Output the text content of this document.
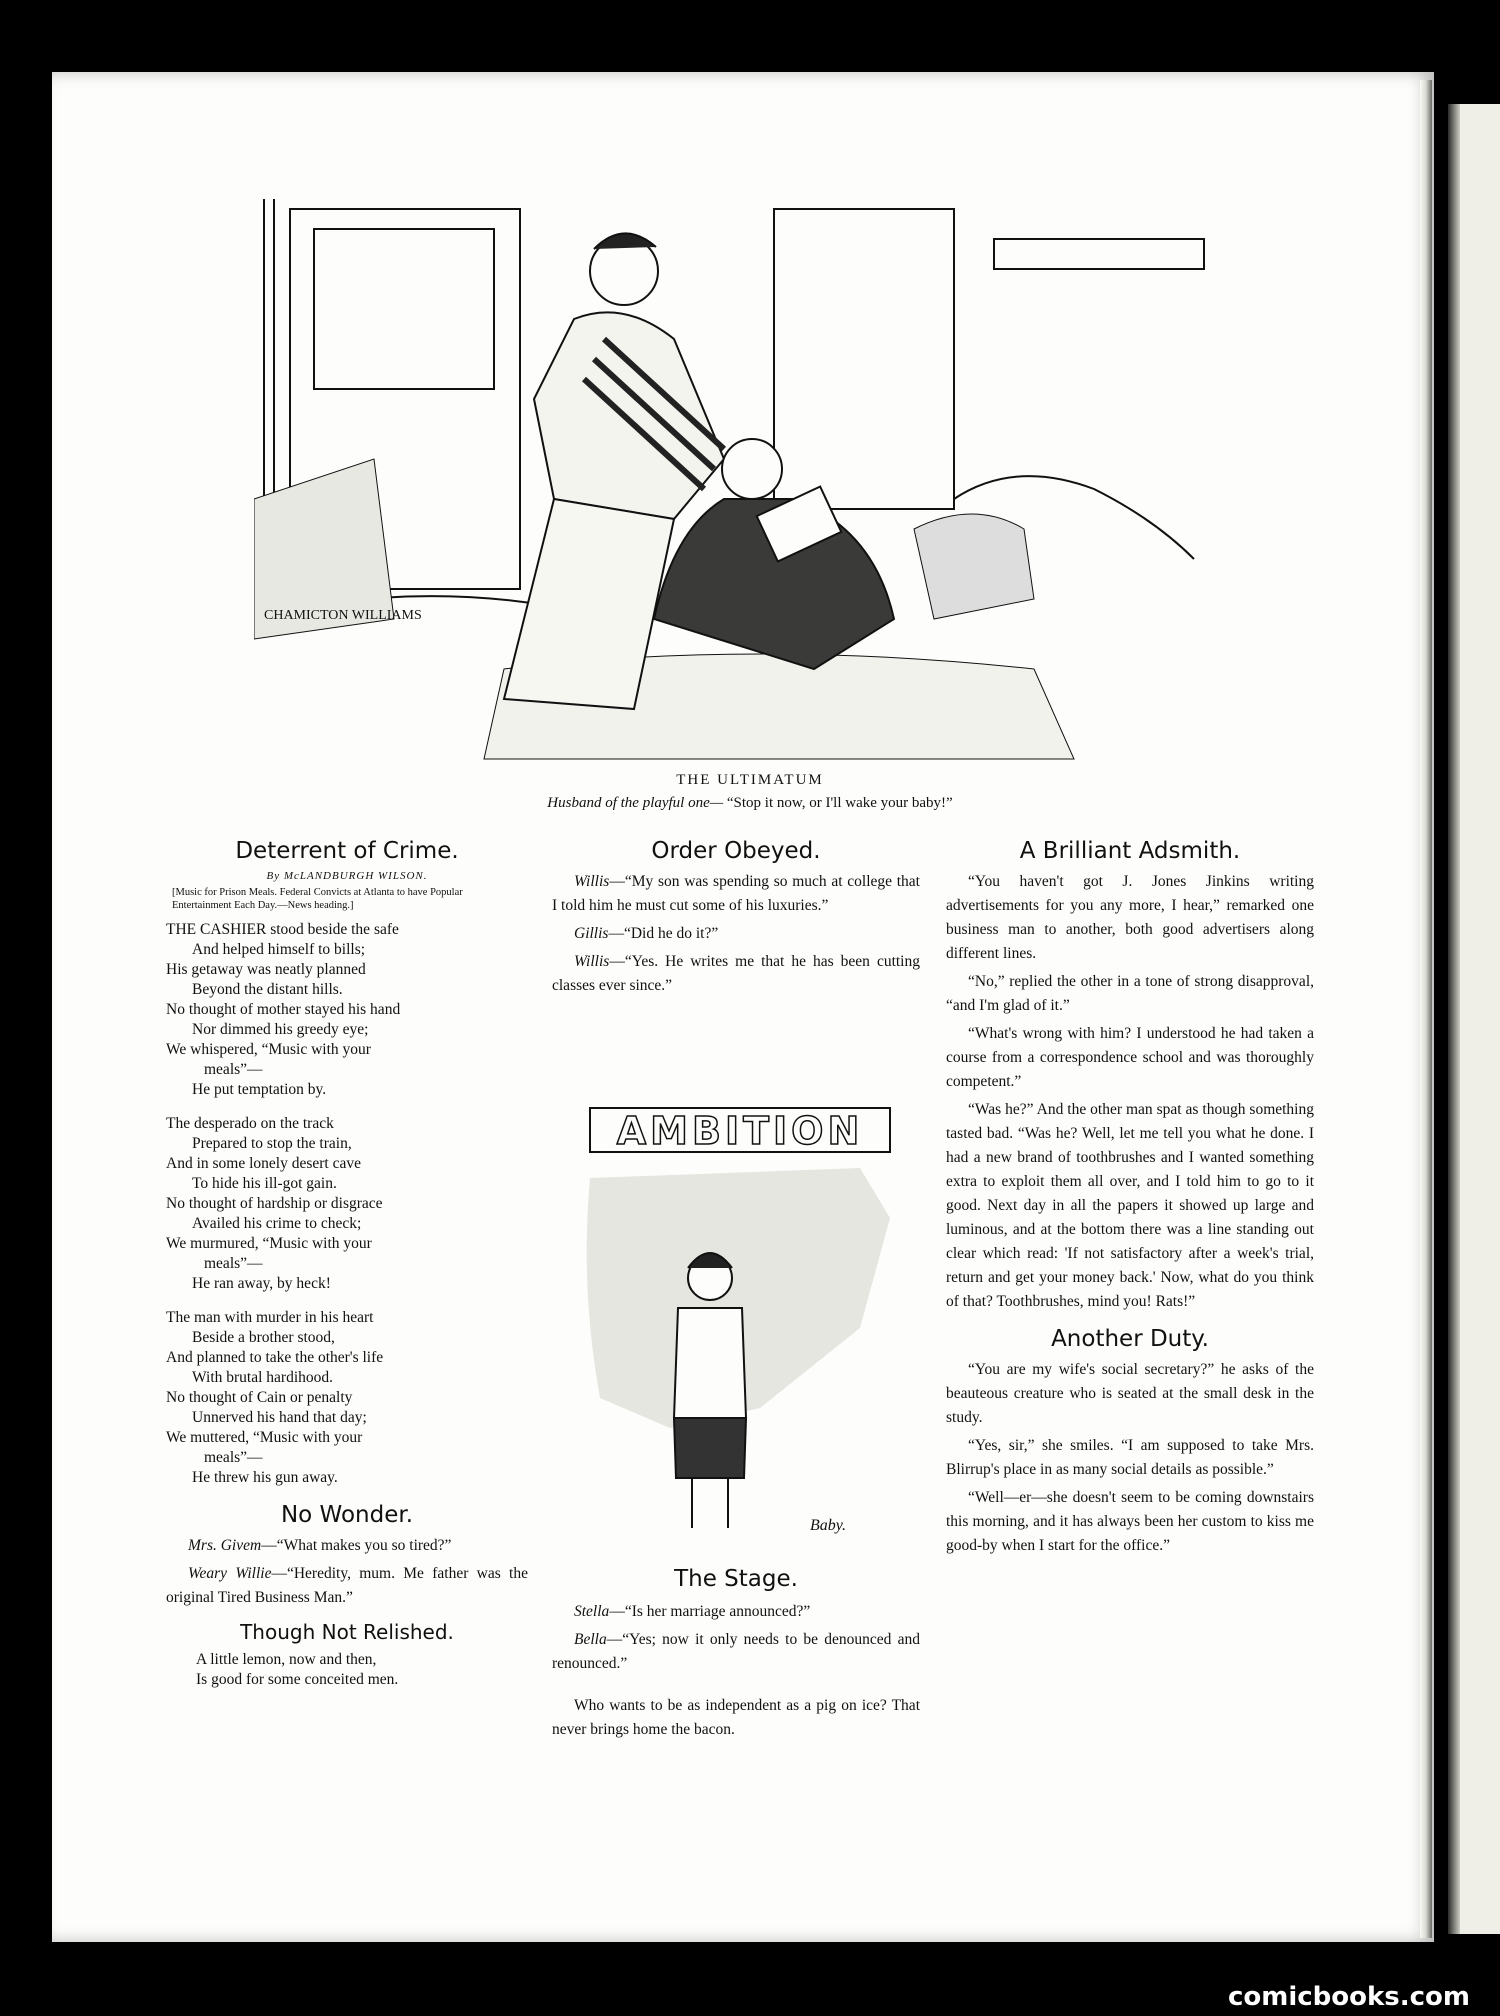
CHAMICTON WILLIAMS
THE ULTIMATUM
Husband of the playful one— “Stop it now, or I'll wake your baby!”
Deterrent of Crime.
By McLANDBURGH WILSON.
[Music for Prison Meals. Federal Convicts at Atlanta to have Popular Entertainment Each Day.—News heading.]
THE CASHIER stood beside the safe
And helped himself to bills;
His getaway was neatly planned
Beyond the distant hills.
No thought of mother stayed his hand
Nor dimmed his greedy eye;
We whispered, “Music with your
meals”—
He put temptation by.
The desperado on the track
Prepared to stop the train,
And in some lonely desert cave
To hide his ill-got gain.
No thought of hardship or disgrace
Availed his crime to check;
We murmured, “Music with your
meals”—
He ran away, by heck!
The man with murder in his heart
Beside a brother stood,
And planned to take the other's life
With brutal hardihood.
No thought of Cain or penalty
Unnerved his hand that day;
We muttered, “Music with your
meals”—
He threw his gun away.
No Wonder.

Mrs. Givem—“What makes you so tired?”

Weary Willie—“Heredity, mum. Me father was the original Tired Business Man.”

Though Not Relished.
A little lemon, now and then,
Is good for some conceited men.
Order Obeyed.

Willis—“My son was spending so much at college that I told him he must cut some of his luxuries.”

Gillis—“Did he do it?”

Willis—“Yes. He writes me that he has been cutting classes ever since.”

AMBITION
Baby.
The Stage.

Stella—“Is her marriage announced?”

Bella—“Yes; now it only needs to be denounced and renounced.”

Who wants to be as independent as a pig on ice? That never brings home the bacon.

A Brilliant Adsmith.

“You haven't got J. Jones Jinkins writing advertisements for you any more, I hear,” remarked one business man to another, both good advertisers along different lines.

“No,” replied the other in a tone of strong disapproval, “and I'm glad of it.”

“What's wrong with him? I understood he had taken a course from a correspondence school and was thoroughly competent.”

“Was he?” And the other man spat as though something tasted bad. “Was he? Well, let me tell you what he done. I had a new brand of toothbrushes and I wanted something extra to exploit them all over, and I told him to go to it good. Next day in all the papers it showed up large and luminous, and at the bottom there was a line standing out clear which read: 'If not satisfactory after a week's trial, return and get your money back.' Now, what do you think of that? Toothbrushes, mind you! Rats!”

Another Duty.

“You are my wife's social secretary?” he asks of the beauteous creature who is seated at the small desk in the study.

“Yes, sir,” she smiles. “I am supposed to take Mrs. Blirrup's place in as many social details as possible.”

“Well—er—she doesn't seem to be coming downstairs this morning, and it has always been her custom to kiss me good-by when I start for the office.”

comicbooks.com
